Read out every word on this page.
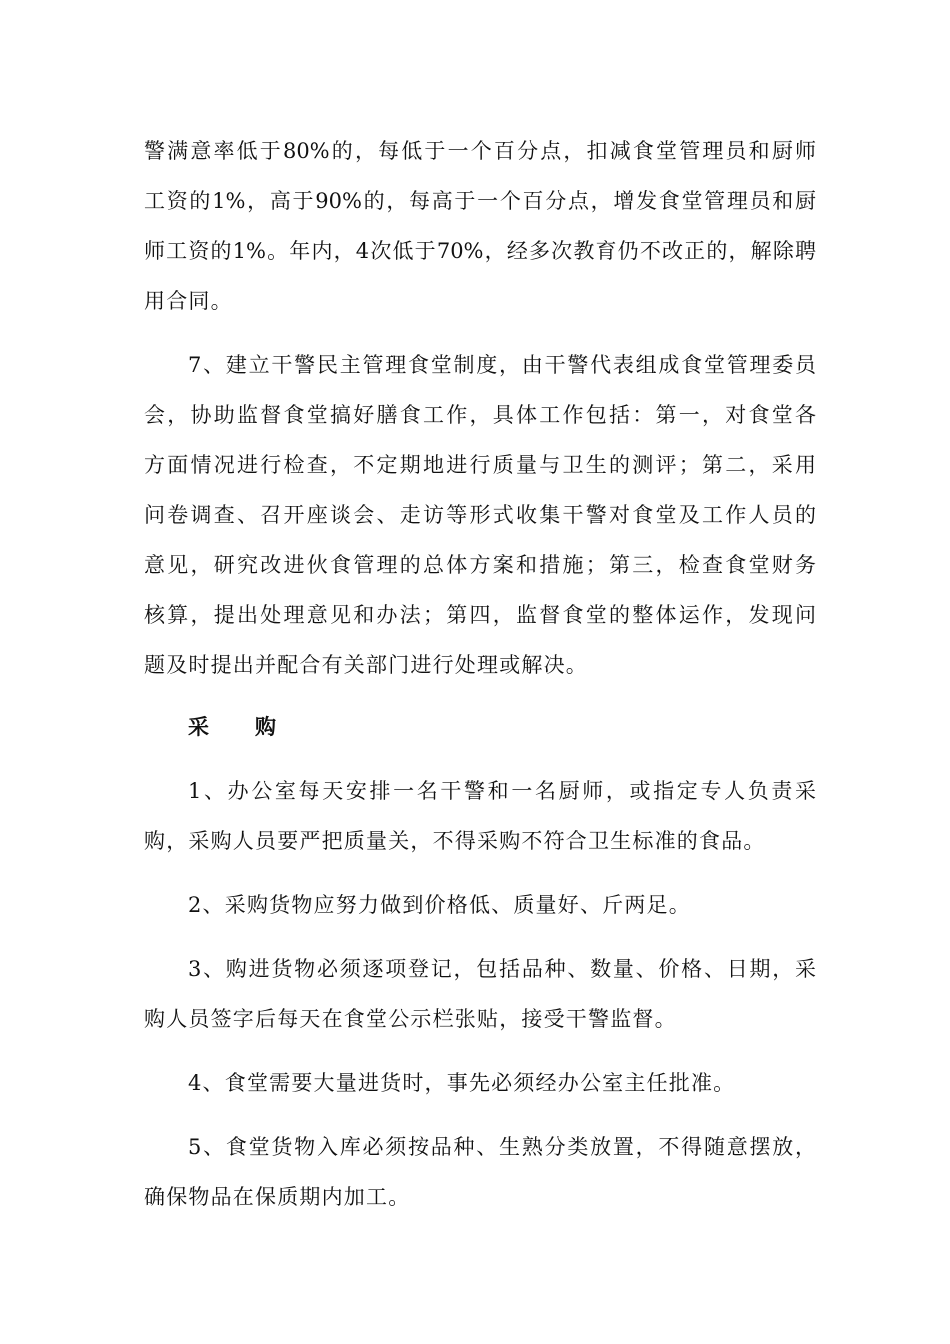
警满意率低于80%的，每低于一个百分点，扣减食堂管理员和厨师
工资的1%，高于90%的，每高于一个百分点，增发食堂管理员和厨
师工资的1%。年内，4次低于70%，经多次教育仍不改正的，解除聘
用合同。
7、建立干警民主管理食堂制度，由干警代表组成食堂管理委员
会，协助监督食堂搞好膳食工作，具体工作包括：第一，对食堂各
方面情况进行检查，不定期地进行质量与卫生的测评；第二，采用
问卷调查、召开座谈会、走访等形式收集干警对食堂及工作人员的
意见，研究改进伙食管理的总体方案和措施；第三，检查食堂财务
核算，提出处理意见和办法；第四，监督食堂的整体运作，发现问
题及时提出并配合有关部门进行处理或解决。
采 购
1、办公室每天安排一名干警和一名厨师，或指定专人负责采
购，采购人员要严把质量关，不得采购不符合卫生标准的食品。
2、采购货物应努力做到价格低、质量好、斤两足。
3、购进货物必须逐项登记，包括品种、数量、价格、日期，采
购人员签字后每天在食堂公示栏张贴，接受干警监督。
4、食堂需要大量进货时，事先必须经办公室主任批准。
5、食堂货物入库必须按品种、生熟分类放置，不得随意摆放，
确保物品在保质期内加工。
